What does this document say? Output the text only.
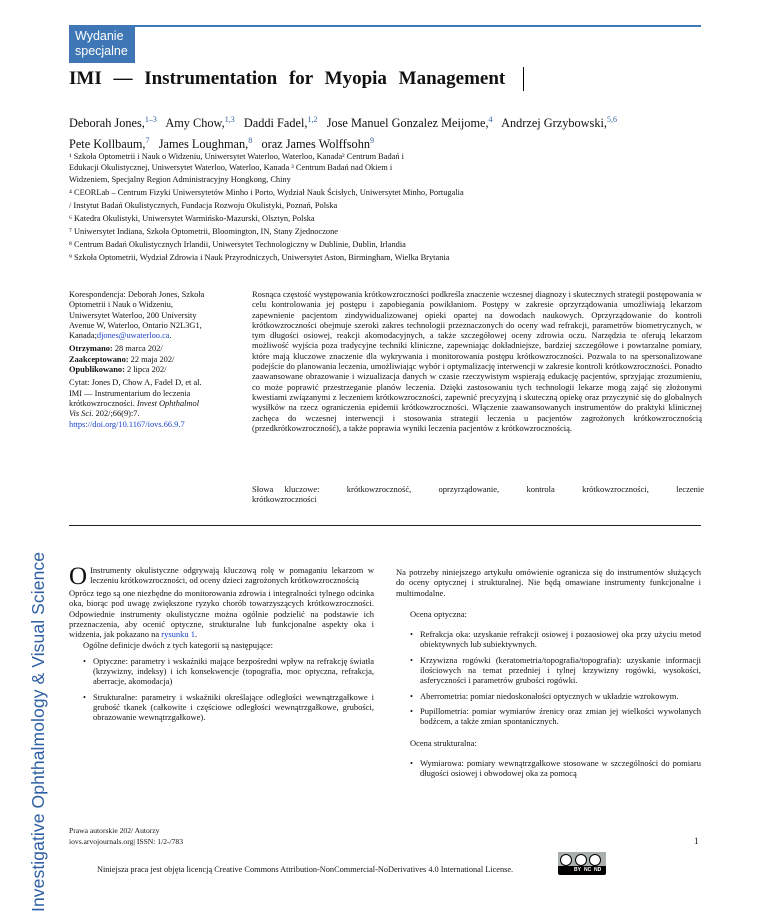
Investigative Ophthalmology & Visual Science
Wydanie
specjalne
IMI — Instrumentation for Myopia Management
Deborah Jones,$^{1-3}$ Amy Chow,$^{1,3}$ Daddi Fadel,$^{1,2}$ Jose Manuel Gonzalez Meijome,$^4$ Andrzej Grzybowski,$^{5,6}$   Pete Kollbaum,$^7$ James Loughman,$^8$ oraz James Wolffsohn$^9$
¹ Szkoła Optometrii i Nauk o Widzeniu, Uniwersytet Waterloo, Waterloo, Kanada² Centrum Badań i
Edukacji Okulistycznej, Uniwersytet Waterloo, Waterloo, Kanada ³ Centrum Badań nad Okiem i
Widzeniem, Specjalny Region Administracyjny Hongkong, Chiny
⁴ CEORLab – Centrum Fizyki Uniwersytetów Minho i Porto, Wydział Nauk Ścisłych, Uniwersytet Minho, Portugalia
/ Instytut Badań Okulistycznych, Fundacja Rozwoju Okulistyki, Poznań, Polska
⁶ Katedra Okulistyki, Uniwersytet Warmińsko-Mazurski, Olsztyn, Polska
⁷ Uniwersytet Indiana, Szkoła Optometrii, Bloomington, IN, Stany Zjednoczone
⁸ Centrum Badań Okulistycznych Irlandii, Uniwersytet Technologiczny w Dublinie, Dublin, Irlandia
⁹ Szkoła Optometrii, Wydział Zdrowia i Nauk Przyrodniczych, Uniwersytet Aston, Birmingham, Wielka Brytania

Korespondencja: Deborah Jones, Szkoła
Optometrii i Nauk o Widzeniu,
Uniwersytet Waterloo, 200 University
Avenue W, Waterloo, Ontario N2L3G1,
Kanada;djones@uwaterloo.ca.

Otrzymano: 28 marca 202/
Zaakceptowano: 22 maja 202/
Opublikowano: 2 lipca 202/

Cytat: Jones D, Chow A, Fadel D, et al.
IMI — Instrumentarium do leczenia
krótkowzroczności. Invest Ophthalmol
Vis Sci. 202/;66(9):7.
https://doi.org/10.1167/iovs.66.9.7

Rosnąca częstość występowania krótkowzroczności podkreśla znaczenie wczesnej diagnozy i skutecznych strategii postępowania w celu kontrolowania jej postępu i zapobiegania powikłaniom. Postępy w zakresie oprzyrządowania umożliwiają lekarzom zapewnienie pacjentom zindywidualizowanej opieki opartej na dowodach naukowych. Oprzyrządowanie do kontroli krótkowzroczności obejmuje szeroki zakres technologii przeznaczonych do oceny wad refrakcji, parametrów biometrycznych, w tym długości osiowej, reakcji akomodacyjnych, a także szczegółowej oceny zdrowia oczu. Narzędzia te oferują lekarzom możliwość wyjścia poza tradycyjne techniki kliniczne, zapewniając dokładniejsze, bardziej szczegółowe i powtarzalne pomiary, które mają kluczowe znaczenie dla wykrywania i monitorowania postępu krótkowzroczności. Pozwala to na spersonalizowane podejście do planowania leczenia, umożliwiając wybór i optymalizację interwencji w zakresie kontroli krótkowzroczności. Ponadto zaawansowane obrazowanie i wizualizacja danych w czasie rzeczywistym wspierają edukację pacjentów, sprzyjając zrozumieniu, co może poprawić przestrzeganie planów leczenia. Dzięki zastosowaniu tych technologii lekarze mogą zająć się złożonymi kwestiami związanymi z leczeniem krótkowzroczności, zapewnić precyzyjną i skuteczną opiekę oraz przyczynić się do globalnych wysiłków na rzecz ograniczenia epidemii krótkowzroczności. Włączenie zaawansowanych instrumentów do praktyki klinicznej zachęca do wczesnej interwencji i stosowania strategii leczenia u pacjentów zagrożonych krótkowzrocznością (przedkrótkowzroczność), a także poprawia wyniki leczenia pacjentów z krótkowzrocznością.
Słowa kluczowe:	krótkowzroczność, oprzyrządowanie, kontrola krótkowzroczności, leczenie krótkowzroczności
O Instrumenty okulistyczne odgrywają kluczową rolę w pomaganiu lekarzom w leczeniu krótkowzroczności, od oceny dzieci zagrożonych krótkowzrocznością

Oprócz tego są one niezbędne do monitorowania zdrowia i integralności tylnego odcinka oka, biorąc pod uwagę zwiększone ryzyko chorób towarzyszących krótkowzroczności. Odpowiednie instrumenty okulistyczne można ogólnie podzielić na podstawie ich przeznaczenia, aby ocenić optyczne, strukturalne lub funkcjonalne aspekty oka i widzenia, jak pokazano na rysunku 1.

Ogólne definicje dwóch z tych kategorii są następujące:

• Optyczne: parametry i wskaźniki mające bezpośredni wpływ na refrakcję światła (krzywizny, indeksy) i ich konsekwencje (topografia, moc optyczna, refrakcja, aberracje, akomodacja)
• Strukturalne: parametry i wskaźniki określające odległości wewnątrzgałkowe i grubość tkanek (całkowite i częściowe odległości wewnątrzgałkowe, grubości, obrazowanie wewnątrzgałkowe).

Na potrzeby niniejszego artykułu omówienie ogranicza się do instrumentów służących do oceny optycznej i strukturalnej. Nie będą omawiane instrumenty funkcjonalne i multimodalne.

Ocena optyczna:
• Refrakcja oka: uzyskanie refrakcji osiowej i pozaosiowej oka przy użyciu metod obiektywnych lub subiektywnych.
• Krzywizna rogówki (keratometria/topografia/topografia): uzyskanie informacji ilościowych na temat przedniej i tylnej krzywizny rogówki, wysokości, asferyczności i parametrów grubości rogówki.
• Aberrometria: pomiar niedoskonałości optycznych w układzie wzrokowym.
• Pupillometria: pomiar wymiarów źrenicy oraz zmian jej wielkości wywołanych bodźcem, a także zmian spontanicznych.
Ocena strukturalna:
• Wymiarowa: pomiary wewnątrzgałkowe stosowane w szczególności do pomiaru długości osiowej i obwodowej oka za pomocą
Prawa autorskie 202/ Autorzy
iovs.arvojournals.org| ISSN: 1/2-/783	1
Niniejsza praca jest objęta licencją Creative Commons Attribution-NonCommercial-NoDerivatives 4.0 International License.	BY NC ND
